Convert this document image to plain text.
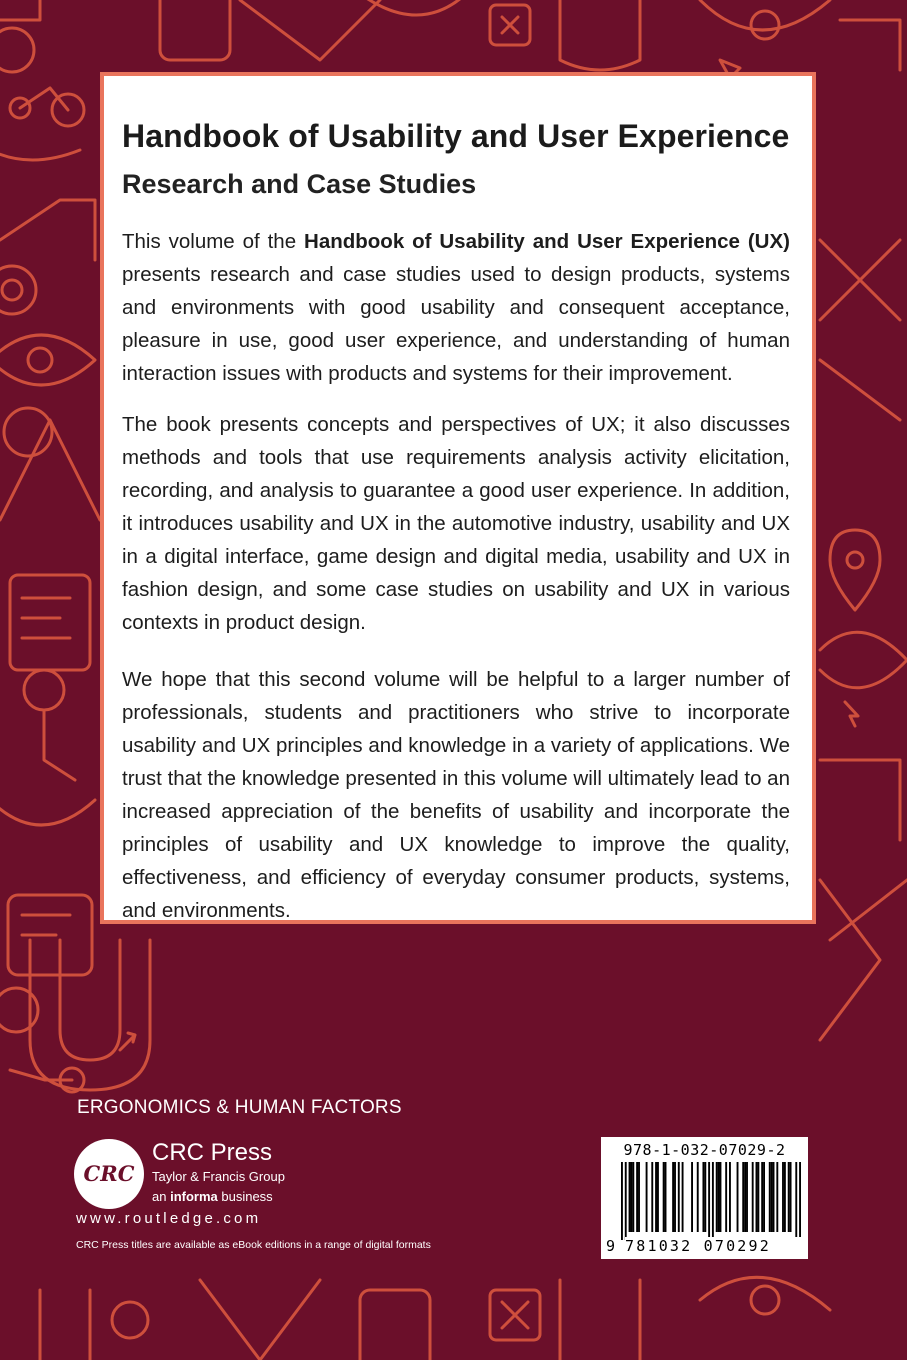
Handbook of Usability and User Experience
Research and Case Studies

This volume of the Handbook of Usability and User Experience (UX) presents research and case studies used to design products, systems and environments with good usability and consequent acceptance, pleasure in use, good user experience, and understanding of human interaction issues with products and systems for their improvement.

The book presents concepts and perspectives of UX; it also discusses methods and tools that use requirements analysis activity elicitation, recording, and analysis to guarantee a good user experience. In addition, it introduces usability and UX in the automotive industry, usability and UX in a digital interface, game design and digital media, usability and UX in fashion design, and some case studies on usability and UX in various contexts in product design.

We hope that this second volume will be helpful to a larger number of professionals, students and practitioners who strive to incorporate usability and UX principles and knowledge in a variety of applications. We trust that the knowledge presented in this volume will ultimately lead to an increased appreciation of the benefits of usability and incorporate the principles of usability and UX knowledge to improve the quality, effectiveness, and efficiency of everyday consumer products, systems, and environments.

ERGONOMICS & HUMAN FACTORS
CRC
CRC Press
Taylor & Francis Group
an informa business
www.routledge.com
CRC Press titles are available as eBook editions in a range of digital formats
978-1-032-07029-2
9 781032 070292
